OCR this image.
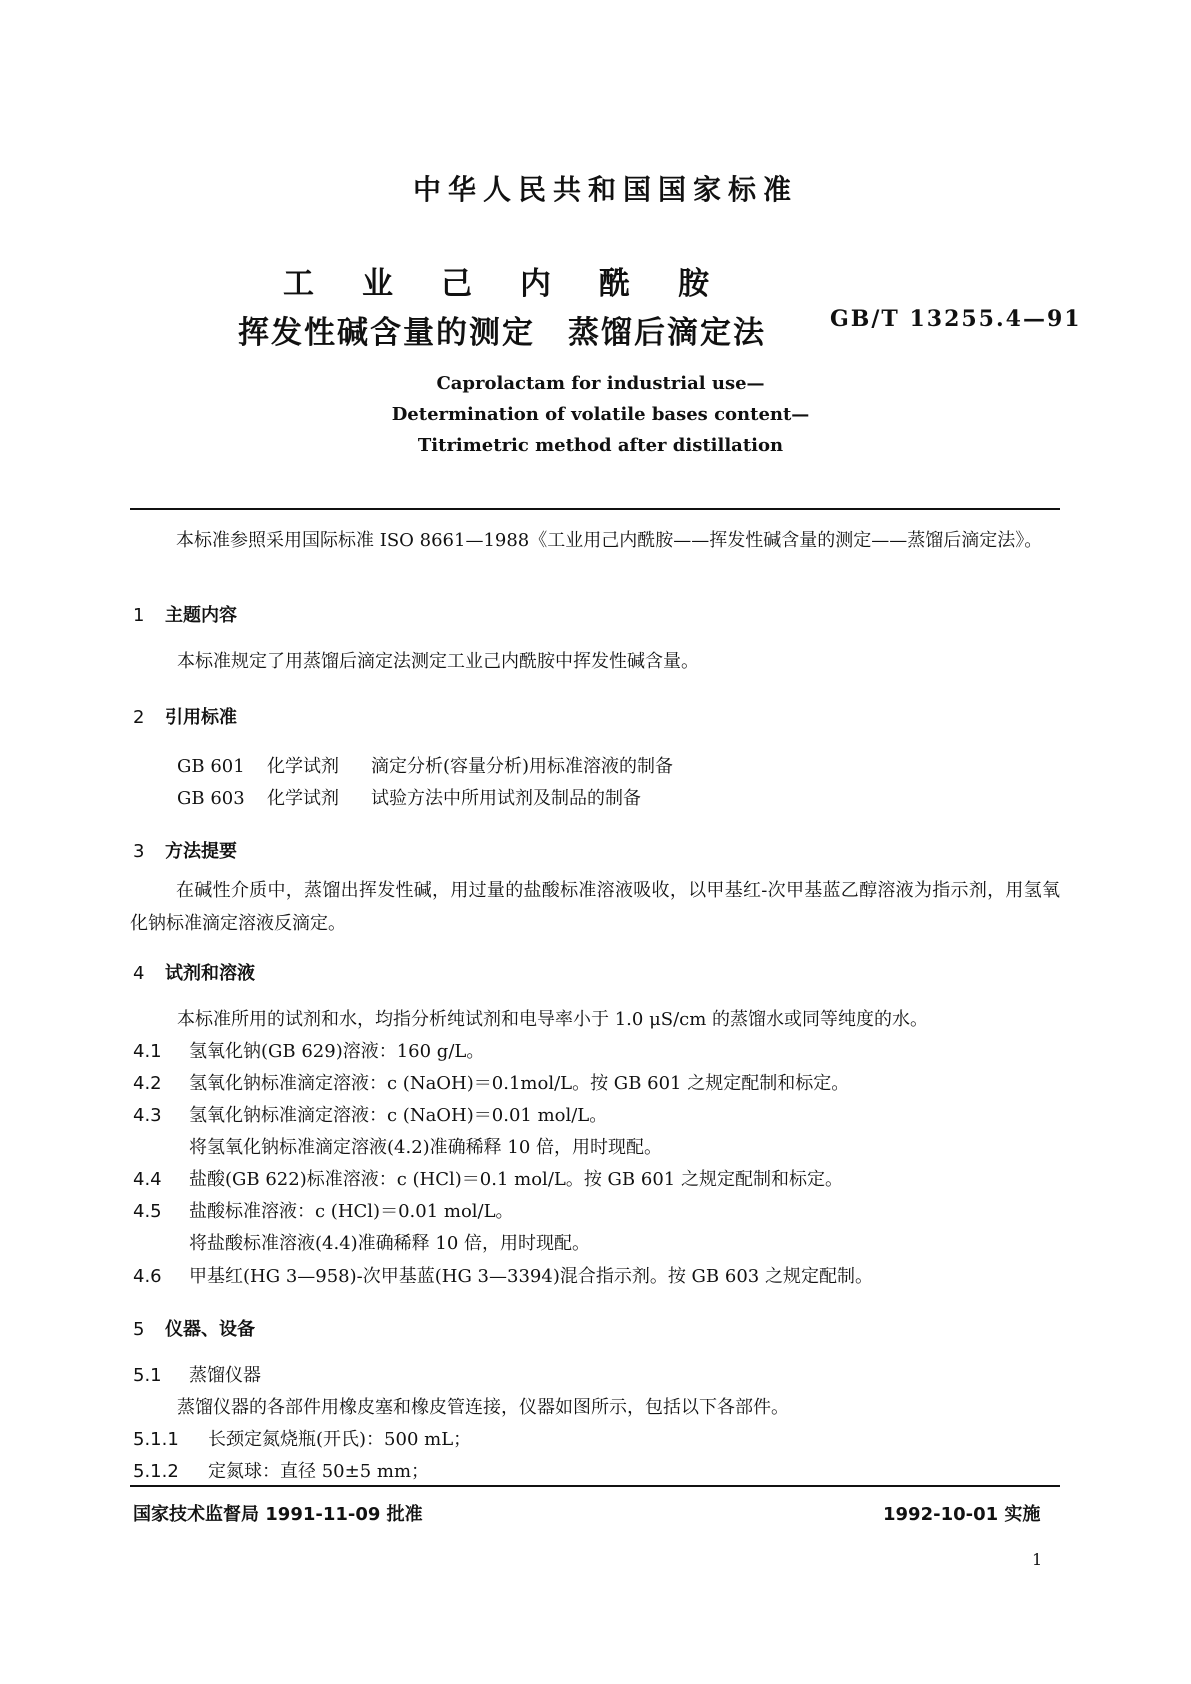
中华人民共和国国家标准
工业己内酰胺
挥发性碱含量的测定　蒸馏后滴定法	GB/T 13255.4—91
Caprolactam for industrial use—
Determination of volatile bases content—
Titrimetric method after distillation
本标准参照采用国际标准 ISO 8661—1988《工业用己内酰胺——挥发性碱含量的测定——蒸馏后滴定法》。
1 主题内容
本标准规定了用蒸馏后滴定法测定工业己内酰胺中挥发性碱含量。
2 引用标准
GB 601 化学试剂 滴定分析(容量分析)用标准溶液的制备
GB 603 化学试剂 试验方法中所用试剂及制品的制备
3 方法提要
在碱性介质中，蒸馏出挥发性碱，用过量的盐酸标准溶液吸收，以甲基红-次甲基蓝乙醇溶液为指示剂，用氢氧化钠标准滴定溶液反滴定。
4 试剂和溶液
本标准所用的试剂和水，均指分析纯试剂和电导率小于 1.0 μS/cm 的蒸馏水或同等纯度的水。
4.1 氢氧化钠(GB 629)溶液：160 g/L。
4.2 氢氧化钠标准滴定溶液：c (NaOH)＝0.1mol/L。按 GB 601 之规定配制和标定。
4.3 氢氧化钠标准滴定溶液：c (NaOH)＝0.01 mol/L。
将氢氧化钠标准滴定溶液(4.2)准确稀释 10 倍，用时现配。
4.4 盐酸(GB 622)标准溶液：c (HCl)＝0.1 mol/L。按 GB 601 之规定配制和标定。
4.5 盐酸标准溶液：c (HCl)＝0.01 mol/L。
将盐酸标准溶液(4.4)准确稀释 10 倍，用时现配。
4.6 甲基红(HG 3—958)-次甲基蓝(HG 3—3394)混合指示剂。按 GB 603 之规定配制。
5 仪器、设备
5.1 蒸馏仪器
蒸馏仪器的各部件用橡皮塞和橡皮管连接，仪器如图所示，包括以下各部件。
5.1.1 长颈定氮烧瓶(开氏)：500 mL；
5.1.2 定氮球：直径 50±5 mm；
国家技术监督局 1991-11-09 批准	1992-10-01 实施
1
